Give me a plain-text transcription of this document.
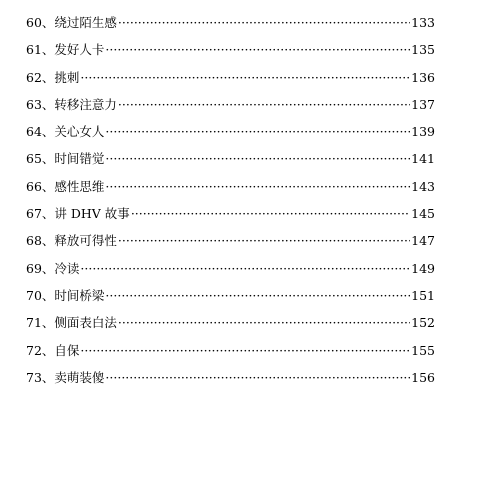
60、 绕过陌生感 ·····	133
61、 发好人卡 ·····	135
62、 挑刺 ·····	136
63、 转移注意力 ·····	137
64、 关心女人 ·····	139
65、 时间错觉 ·····	141
66、 感性思维 ·····	143
67、 讲 DHV 故事 ·····	145
68、 释放可得性 ·····	147
69、 冷读 ·····	149
70、 时间桥梁 ·····	151
71、 侧面表白法 ·····	152
72、 自保 ·····	155
73、 卖萌装傻 ·····	156
